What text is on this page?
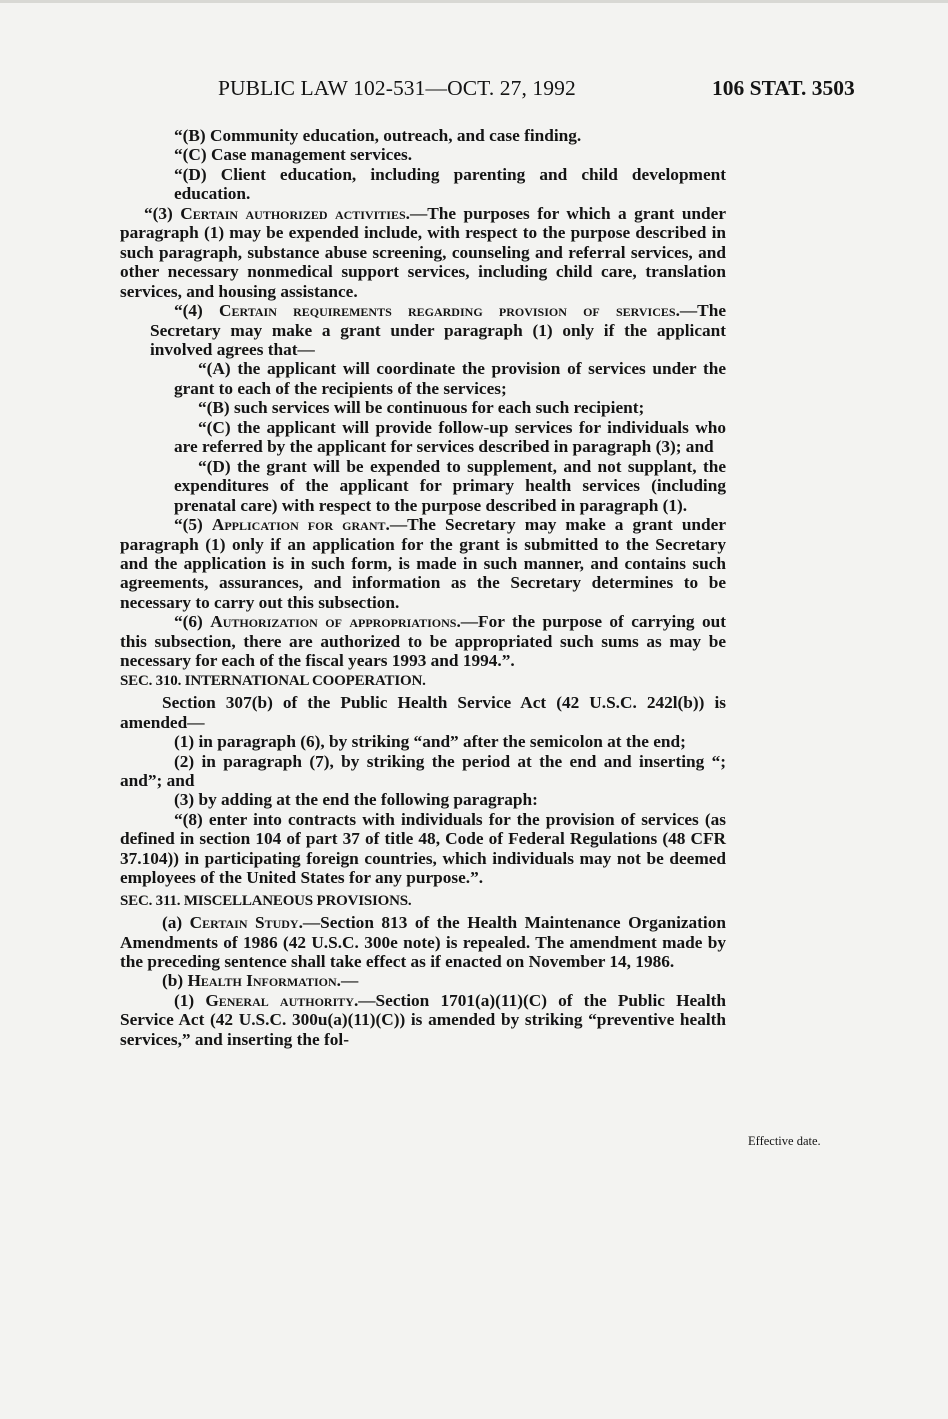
PUBLIC LAW 102-531—OCT. 27, 1992	106 STAT. 3503

“(B) Community education, outreach, and case finding.

“(C) Case management services.

“(D) Client education, including parenting and child development education.

“(3) Certain authorized activities.—The purposes for which a grant under paragraph (1) may be expended include, with respect to the purpose described in such paragraph, substance abuse screening, counseling and referral services, and other necessary nonmedical support services, including child care, translation services, and housing assistance.

“(4) Certain requirements regarding provision of services.—The Secretary may make a grant under paragraph (1) only if the applicant involved agrees that—

“(A) the applicant will coordinate the provision of services under the grant to each of the recipients of the services;

“(B) such services will be continuous for each such recipient;

“(C) the applicant will provide follow-up services for individuals who are referred by the applicant for services described in paragraph (3); and

“(D) the grant will be expended to supplement, and not supplant, the expenditures of the applicant for primary health services (including prenatal care) with respect to the purpose described in paragraph (1).

“(5) Application for grant.—The Secretary may make a grant under paragraph (1) only if an application for the grant is submitted to the Secretary and the application is in such form, is made in such manner, and contains such agreements, assurances, and information as the Secretary determines to be necessary to carry out this subsection.

“(6) Authorization of appropriations.—For the purpose of carrying out this subsection, there are authorized to be appropriated such sums as may be necessary for each of the fiscal years 1993 and 1994.”.

SEC. 310. INTERNATIONAL COOPERATION.

Section 307(b) of the Public Health Service Act (42 U.S.C. 242l(b)) is amended—

(1) in paragraph (6), by striking “and” after the semicolon at the end;

(2) in paragraph (7), by striking the period at the end and inserting “; and”; and

(3) by adding at the end the following paragraph:

“(8) enter into contracts with individuals for the provision of services (as defined in section 104 of part 37 of title 48, Code of Federal Regulations (48 CFR 37.104)) in participating foreign countries, which individuals may not be deemed employees of the United States for any purpose.”.

SEC. 311. MISCELLANEOUS PROVISIONS.

(a) Certain Study.—Section 813 of the Health Maintenance Organization Amendments of 1986 (42 U.S.C. 300e note) is repealed. The amendment made by the preceding sentence shall take effect as if enacted on November 14, 1986.

(b) Health Information.—

(1) General authority.—Section 1701(a)(11)(C) of the Public Health Service Act (42 U.S.C. 300u(a)(11)(C)) is amended by striking “preventive health services,” and inserting the fol-

Effective date.
